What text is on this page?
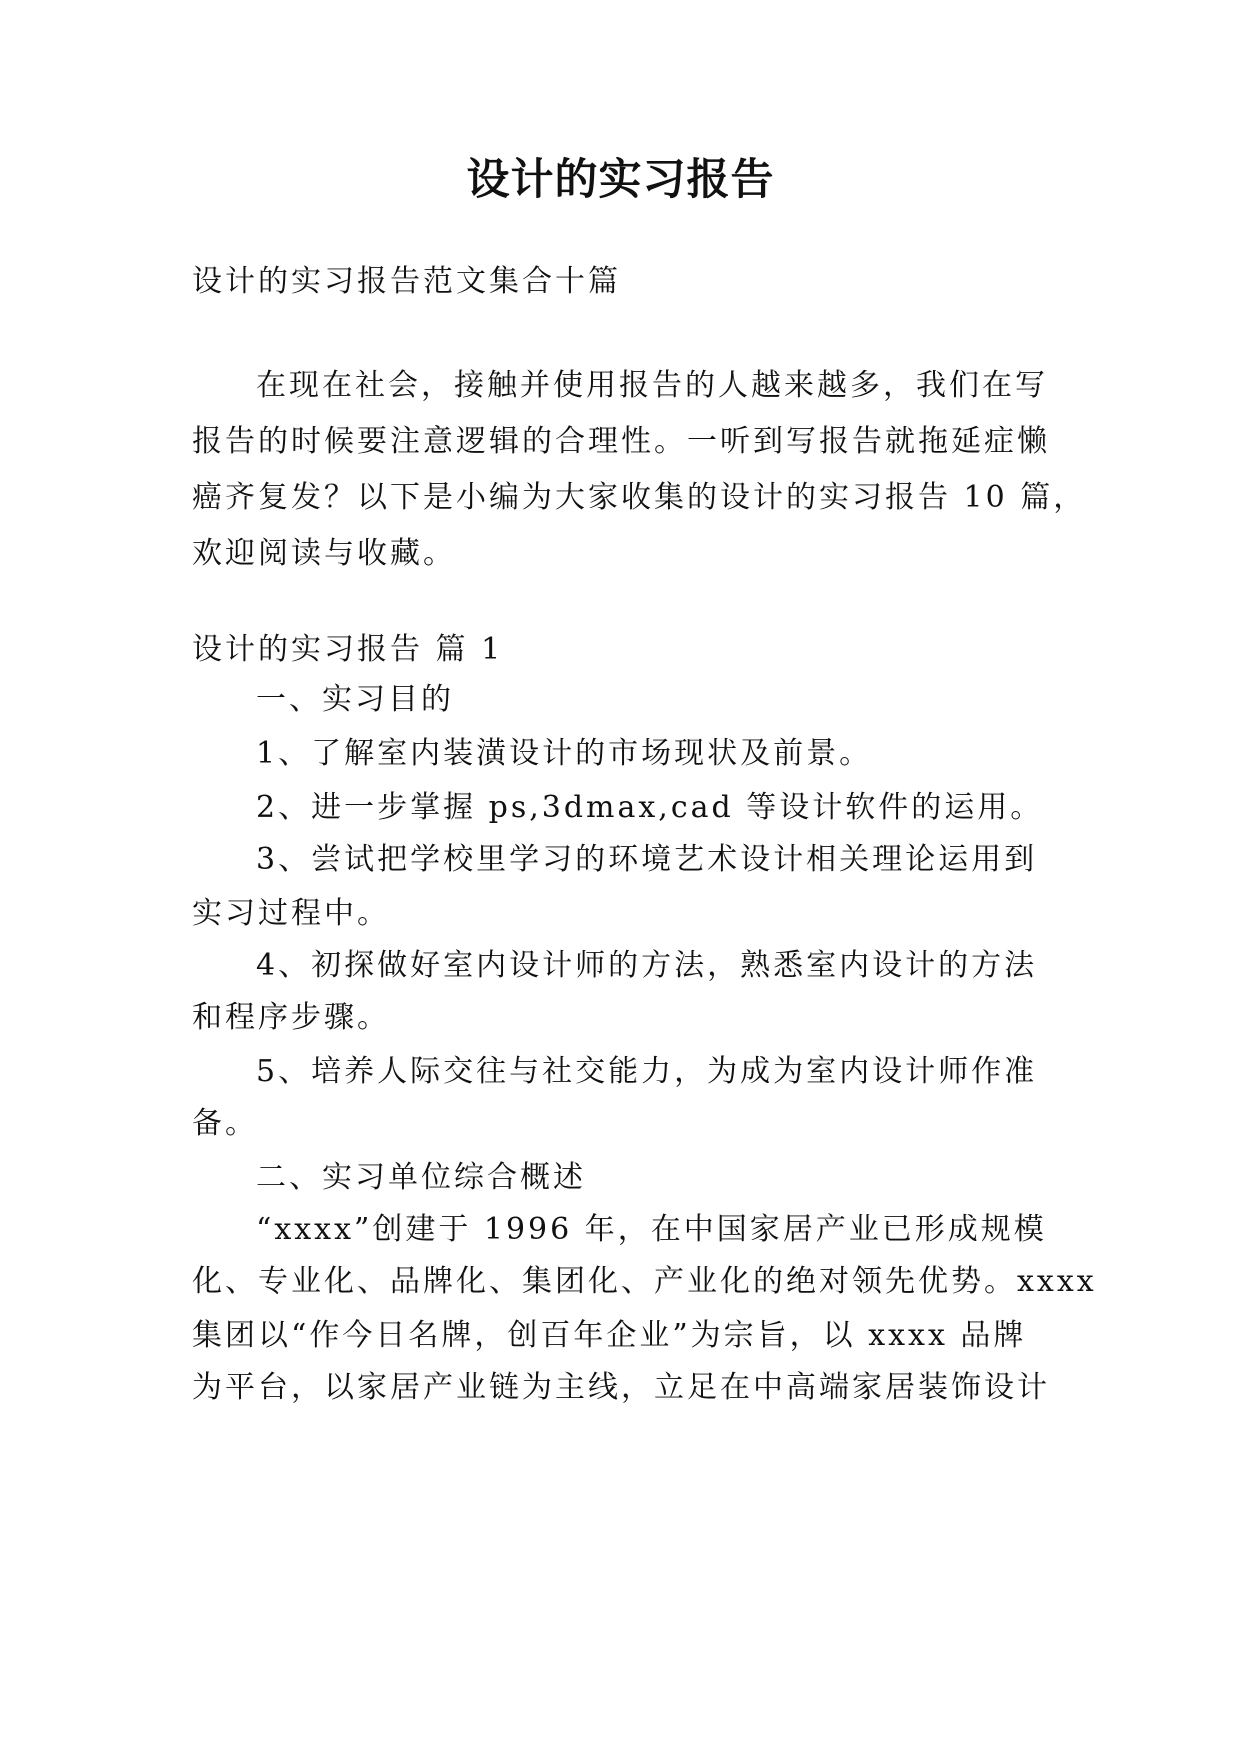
设计的实习报告

设计的实习报告范文集合十篇

在现在社会，接触并使用报告的人越来越多，我们在写

报告的时候要注意逻辑的合理性。一听到写报告就拖延症懒

癌齐复发？以下是小编为大家收集的设计的实习报告 10 篇，

欢迎阅读与收藏。

设计的实习报告 篇 1

一、实习目的

1、了解室内装潢设计的市场现状及前景。

2、进一步掌握 ps,3dmax,cad 等设计软件的运用。

3、尝试把学校里学习的环境艺术设计相关理论运用到

实习过程中。

4、初探做好室内设计师的方法，熟悉室内设计的方法

和程序步骤。

5、培养人际交往与社交能力，为成为室内设计师作准

备。

二、实习单位综合概述

“xxxx”创建于 1996 年，在中国家居产业已形成规模

化、专业化、品牌化、集团化、产业化的绝对领先优势。xxxx

集团以“作今日名牌，创百年企业”为宗旨，以 xxxx 品牌

为平台，以家居产业链为主线，立足在中高端家居装饰设计
